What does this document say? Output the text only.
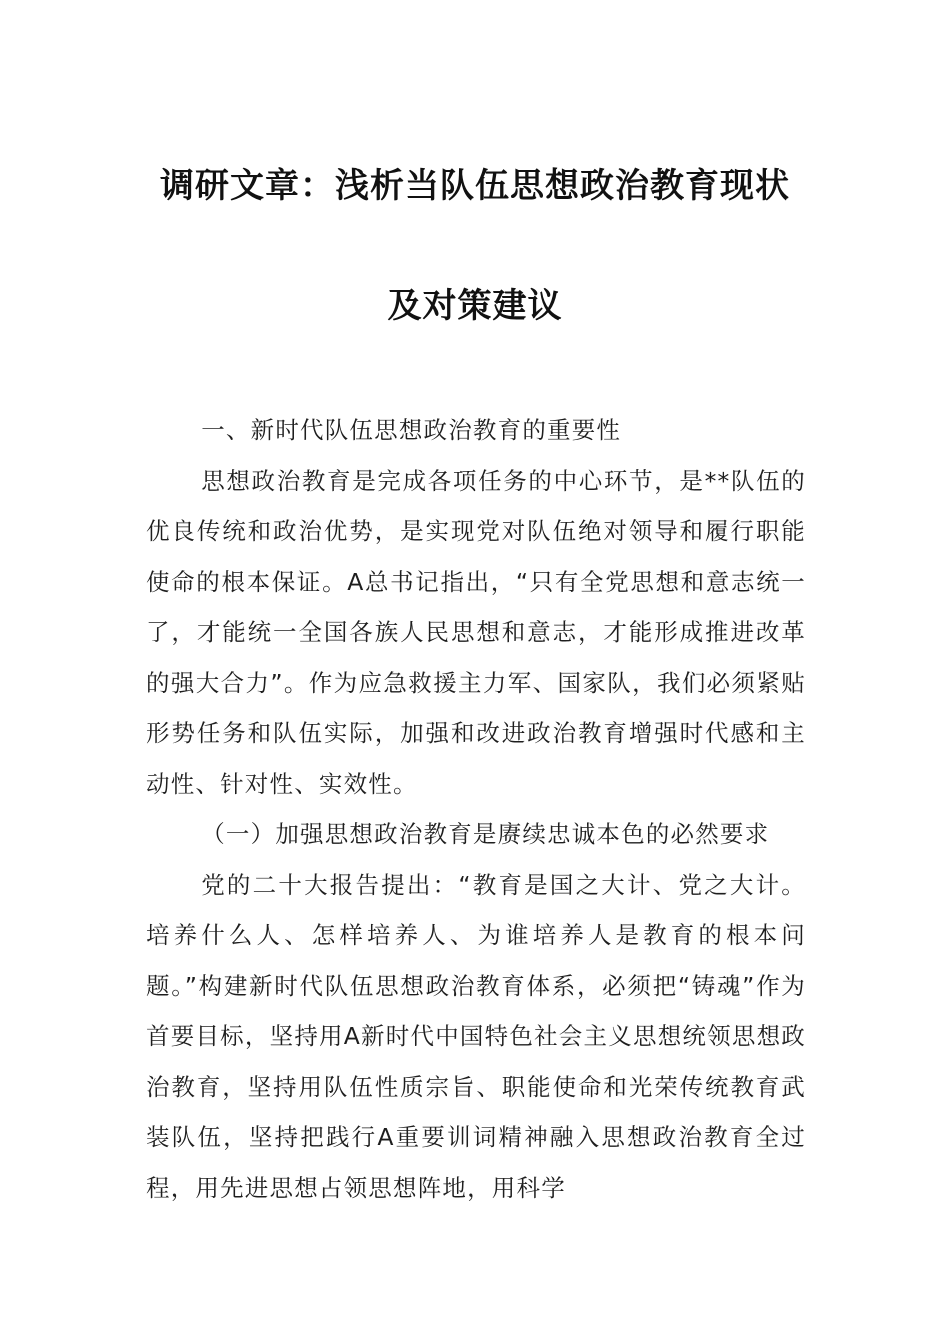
调研文章：浅析当队伍思想政治教育现状
及对策建议

一、新时代队伍思想政治教育的重要性

思想政治教育是完成各项任务的中心环节，是**队伍的优良传统和政治优势，是实现党对队伍绝对领导和履行职能使命的根本保证。A总书记指出，“只有全党思想和意志统一了，才能统一全国各族人民思想和意志，才能形成推进改革的强大合力”。作为应急救援主力军、国家队，我们必须紧贴形势任务和队伍实际，加强和改进政治教育增强时代感和主动性、针对性、实效性。

（一）加强思想政治教育是赓续忠诚本色的必然要求

党的二十大报告提出：“教育是国之大计、党之大计。培养什么人、怎样培养人、为谁培养人是教育的根本问题。”构建新时代队伍思想政治教育体系，必须把“铸魂”作为首要目标，坚持用A新时代中国特色社会主义思想统领思想政治教育，坚持用队伍性质宗旨、职能使命和光荣传统教育武装队伍，坚持把践行A重要训词精神融入思想政治教育全过程，用先进思想占领思想阵地，用科学
